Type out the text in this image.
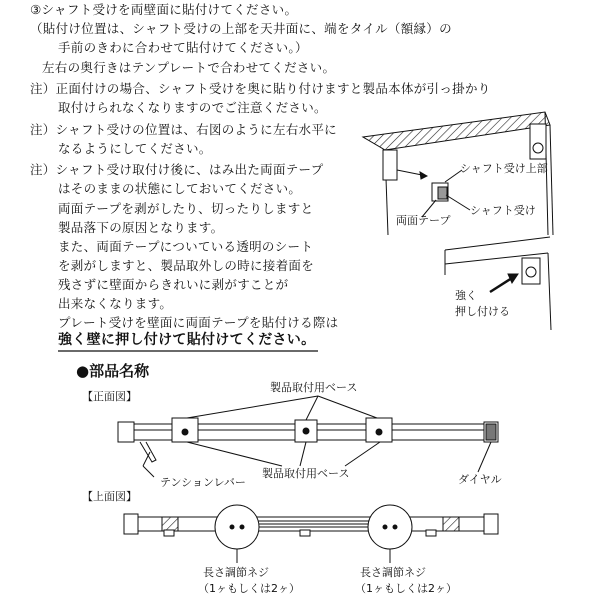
③シャフト受けを両壁面に貼付けてください。
（貼付け位置は、シャフト受けの上部を天井面に、端をタイル（額縁）の
手前のきわに合わせて貼付けてください。）
左右の奥行きはテンプレートで合わせてください。
注）正面付けの場合、シャフト受けを奥に貼り付けますと製品本体が引っ掛かり
取付けられなくなりますのでご注意ください。
注）シャフト受けの位置は、右図のように左右水平に
なるようにしてください。
注）シャフト受け取付け後に、はみ出た両面テープ
はそのままの状態にしておいてください。
両面テープを剥がしたり、切ったりしますと
製品落下の原因となります。
また、両面テープについている透明のシート
を剥がしますと、製品取外しの時に接着面を
残さずに壁面からきれいに剥がすことが
出来なくなります。
プレート受けを壁面に両面テープを貼付ける際は
強く壁に押し付けて貼付けてください。
シャフト受け上部
シャフト受け
両面テープ
強く
押し付ける
●部品名称
【正面図】
製品取付用ベース
製品取付用ベース
テンションレバー	ダイヤル
【上面図】
長さ調節ネジ
（1ヶもしくは2ヶ）
長さ調節ネジ
（1ヶもしくは2ヶ）
